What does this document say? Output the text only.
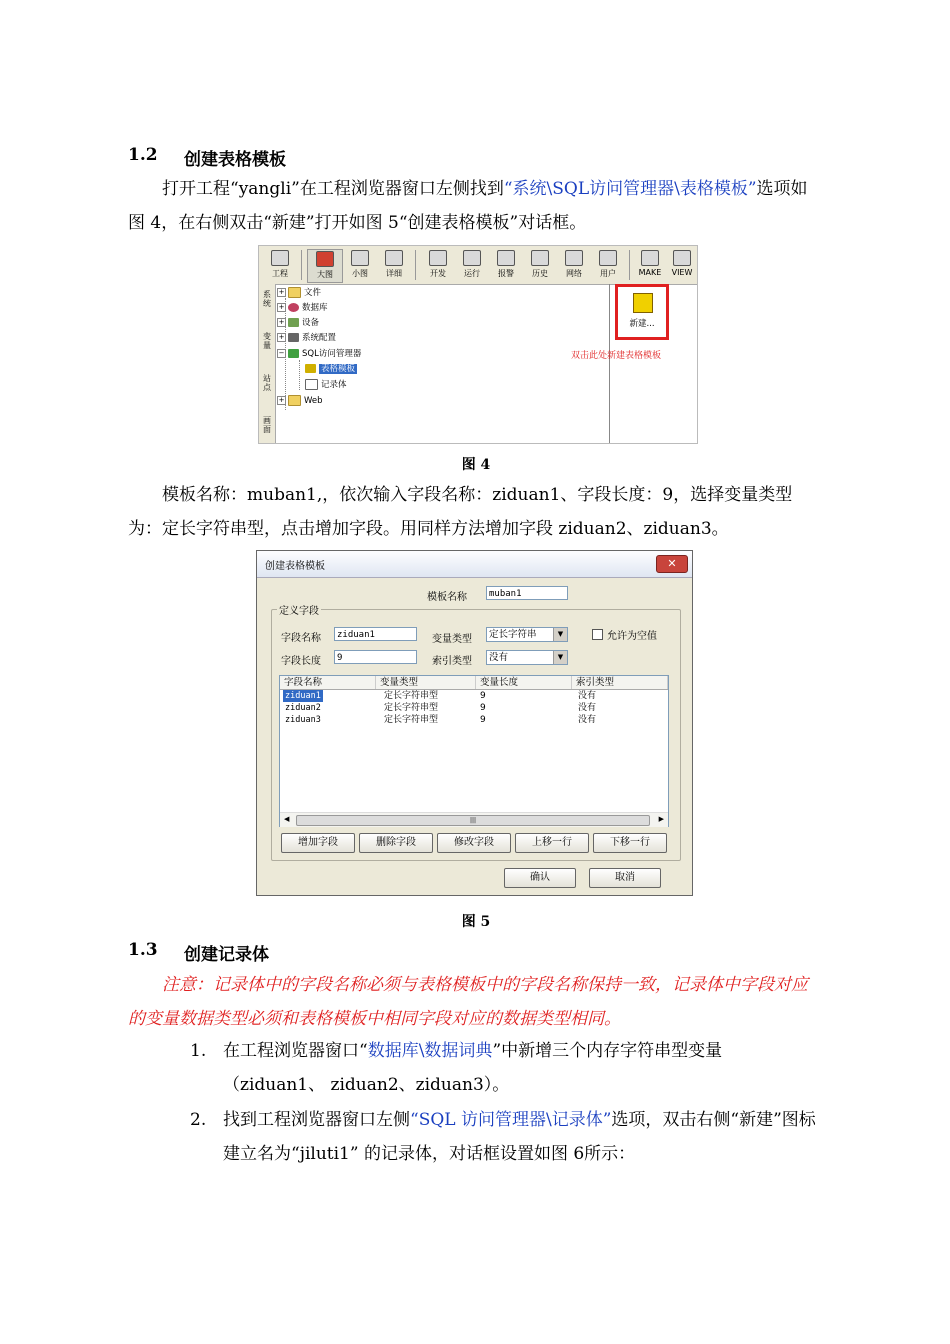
1.2 创建表格模板
打开工程“yangli”在工程浏览器窗口左侧找到“系统\SQL访问管理器\表格模板”选项如图 4，在右侧双击“新建”打开如图 5“创建表格模板”对话框。
工程	大图	小图	详细	开发	运行	报警	历史	网络	用户	MAKE	VIEW
系统
变量
站点
画面
+ 文件
+ 数据库
+ 设备
+ 系统配置
− SQL访问管理器
表格模板
记录体
+ Web
新建...
双击此处新建表格模板
图 4
模板名称：muban1,，依次输入字段名称：ziduan1、字段长度：9，选择变量类型为：定长字符串型，点击增加字段。用同样方法增加字段 ziduan2、ziduan3。
创建表格模板	✕
模板名称	muban1
定义字段
字段名称	ziduan1
字段长度	9
变量类型	定长字符串	▼
索引类型	没有	▼
允许为空值
字段名称	变量类型	变量长度	索引类型
ziduan1	定长字符串型	9	没有
ziduan2	定长字符串型	9	没有
ziduan3	定长字符串型	9	没有
◀	|||	▶
增加字段	删除字段	修改字段	上移一行	下移一行
确认	取消
图 5
1.3 创建记录体
注意：记录体中的字段名称必须与表格模板中的字段名称保持一致，记录体中字段对应的变量数据类型必须和表格模板中相同字段对应的数据类型相同。
1. 在工程浏览器窗口“数据库\数据词典”中新增三个内存字符串型变量（ziduan1、 ziduan2、ziduan3）。
2. 找到工程浏览器窗口左侧“SQL 访问管理器\记录体”选项，双击右侧“新建”图标建立名为“jiluti1” 的记录体，对话框设置如图 6所示：
